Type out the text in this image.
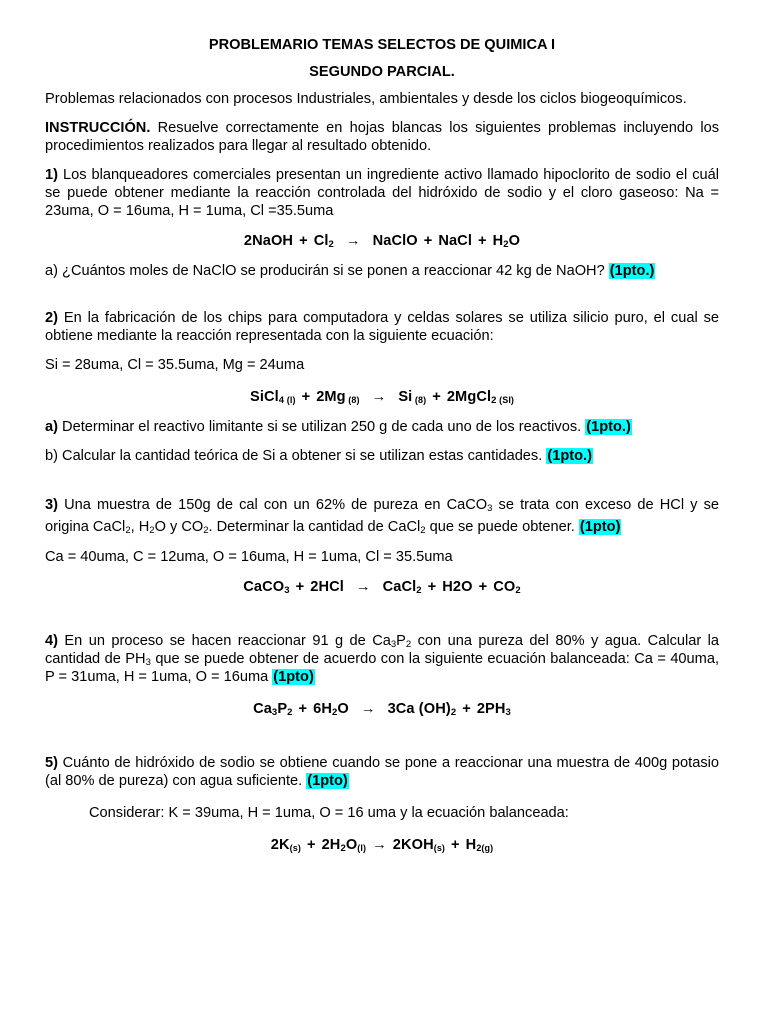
PROBLEMARIO TEMAS SELECTOS DE QUIMICA I
SEGUNDO PARCIAL.

Problemas relacionados con procesos Industriales, ambientales y desde los ciclos biogeoquímicos.

INSTRUCCIÓN. Resuelve correctamente en hojas blancas los siguientes problemas incluyendo los procedimientos realizados para llegar al resultado obtenido.

1) Los blanqueadores comerciales presentan un ingrediente activo llamado hipoclorito de sodio el cuál se puede obtener mediante la reacción controlada del hidróxido de sodio y el cloro gaseoso: Na = 23uma, O = 16uma, H = 1uma, Cl =35.5uma

2NaOH + $Cl_2$ → NaClO + NaCl + $H_2O$

a) ¿Cuántos moles de NaClO se producirán si se ponen a reaccionar 42 kg de NaOH? (1pto.)

2) En la fabricación de los chips para computadora y celdas solares se utiliza silicio puro, el cual se obtiene mediante la reacción representada con la siguiente ecuación:

Si = 28uma, Cl = 35.5uma, Mg = 24uma

SiCl$_4$ $_{(l)}$ + 2Mg $_{(8)}$ → Si $_{(8)}$ + 2MgCl$_2$ $_{(SI)}$

a) Determinar el reactivo limitante si se utilizan 250 g de cada uno de los reactivos. (1pto.)

b) Calcular la cantidad teórica de Si a obtener si se utilizan estas cantidades. (1pto.)

3) Una muestra de 150g de cal con un 62% de pureza en CaCO$_3$ se trata con exceso de HCl y se origina CaCl$_2$, $H_2O$ y $CO_2$. Determinar la cantidad de CaCl$_2$ que se puede obtener. (1pto)

Ca = 40uma, C = 12uma, O = 16uma, H = 1uma, Cl = 35.5uma

CaCO$_3$ + 2HCl → CaCl$_2$ + $H2O + CO_2$

4) En un proceso se hacen reaccionar 91 g de $Ca_3P_2$ con una pureza del 80% y agua. Calcular la cantidad de $PH_3$ que se puede obtener de acuerdo con la siguiente ecuación balanceada: Ca = 40uma, P = 31uma, H = 1uma, O = 16uma (1pto)

$Ca_3P_2 + 6H_2O \to 3Ca$ $(OH)_2 + 2PH_3$

5) Cuánto de hidróxido de sodio se obtiene cuando se pone a reaccionar una muestra de 400g potasio (al 80% de pureza) con agua suficiente. (1pto)

Considerar: K = 39uma, H = 1uma, O = 16 uma y la ecuación balanceada:

$2K_{(s)} + 2H_2O_{(l)} \to 2KOH_{(s)} + H_{2(g)}$
